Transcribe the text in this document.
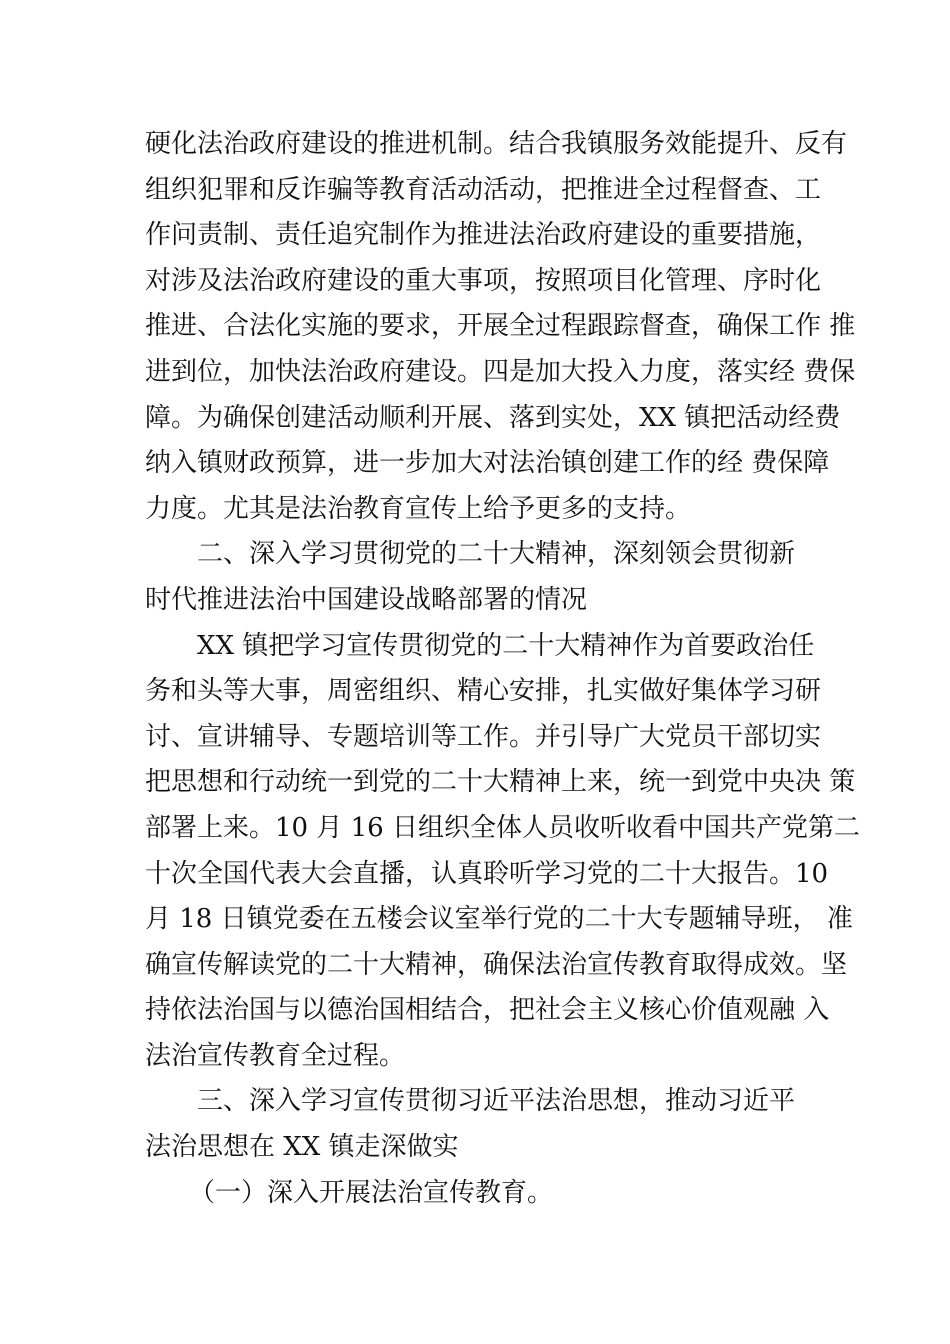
硬化法治政府建设的推进机制。结合我镇服务效能提升、反有
组织犯罪和反诈骗等教育活动活动，把推进全过程督查、工
作问责制、责任追究制作为推进法治政府建设的重要措施，
对涉及法治政府建设的重大事项，按照项目化管理、序时化
推进、合法化实施的要求，开展全过程跟踪督查，确保工作 推
进到位，加快法治政府建设。四是加大投入力度，落实经 费保
障。为确保创建活动顺利开展、落到实处，XX 镇把活动经费
纳入镇财政预算，进一步加大对法治镇创建工作的经 费保障
力度。尤其是法治教育宣传上给予更多的支持。
二、深入学习贯彻党的二十大精神，深刻领会贯彻新
时代推进法治中国建设战略部署的情况
XX 镇把学习宣传贯彻党的二十大精神作为首要政治任
务和头等大事，周密组织、精心安排，扎实做好集体学习研
讨、宣讲辅导、专题培训等工作。并引导广大党员干部切实
把思想和行动统一到党的二十大精神上来，统一到党中央决 策
部署上来。10 月 16 日组织全体人员收听收看中国共产党第二
十次全国代表大会直播，认真聆听学习党的二十大报告。10
月 18 日镇党委在五楼会议室举行党的二十大专题辅导班， 准
确宣传解读党的二十大精神，确保法治宣传教育取得成效。坚
持依法治国与以德治国相结合，把社会主义核心价值观融 入
法治宣传教育全过程。
三、深入学习宣传贯彻习近平法治思想，推动习近平
法治思想在 XX 镇走深做实
（一）深入开展法治宣传教育。
